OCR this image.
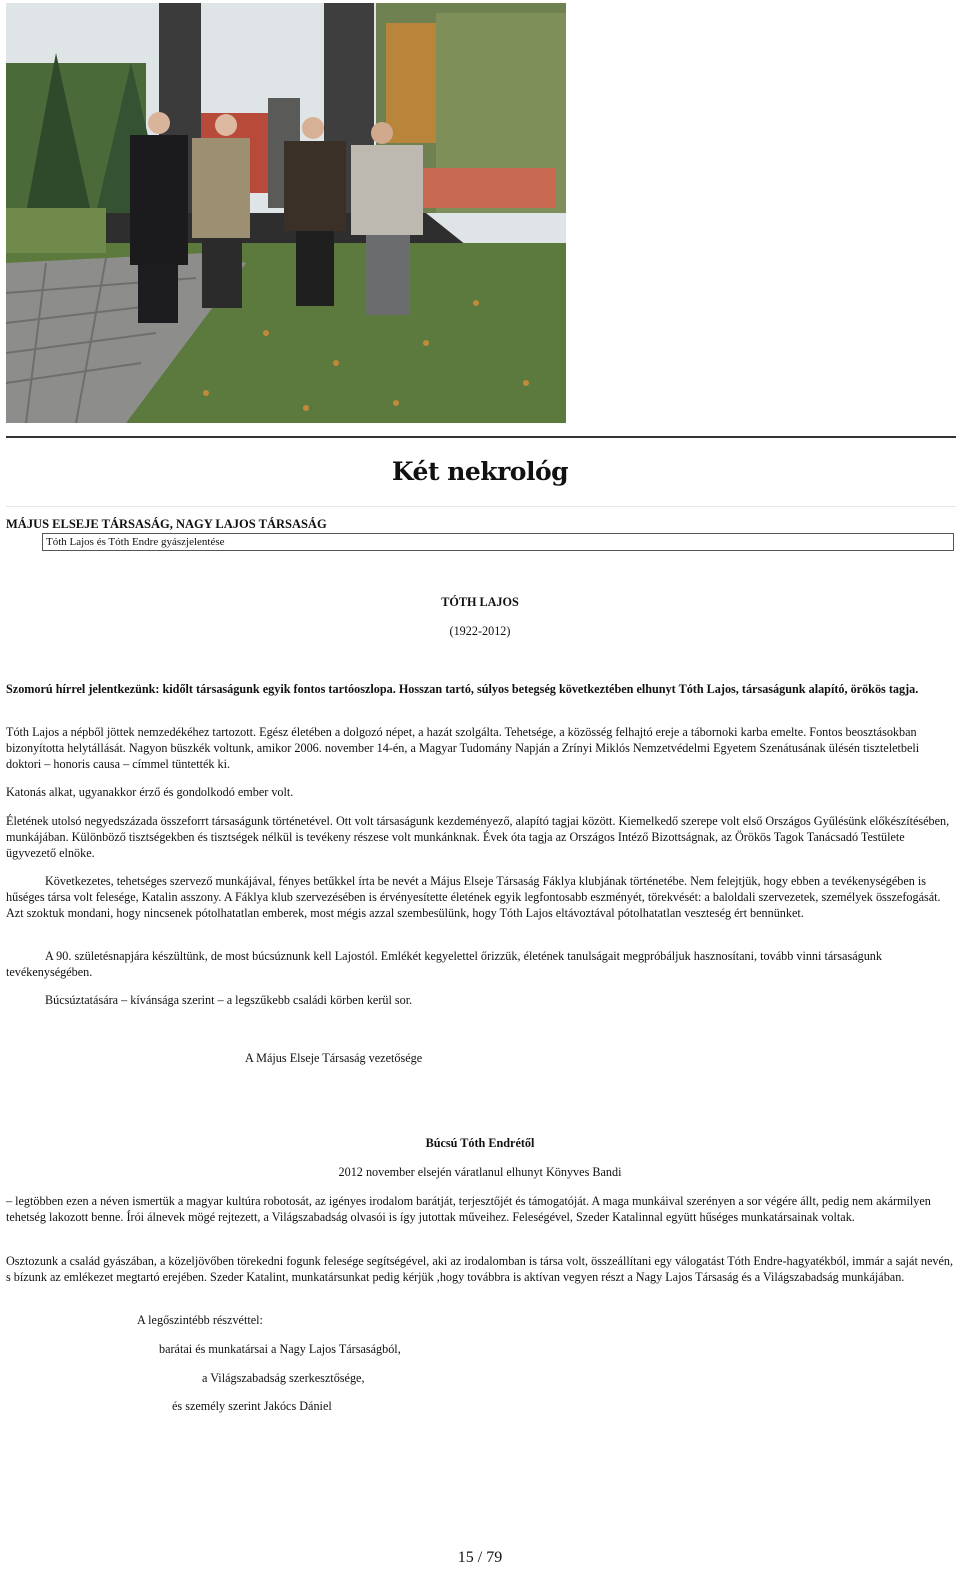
Két nekrológ
MÁJUS ELSEJE TÁRSASÁG, NAGY LAJOS TÁRSASÁG
Tóth Lajos és Tóth Endre gyászjelentése
TÓTH LAJOS
(1922-2012)

Szomorú hírrel jelentkezünk: kidőlt társaságunk egyik fontos tartóoszlopa. Hosszan tartó, súlyos betegség következtében elhunyt Tóth Lajos, társaságunk alapító, örökös tagja.

Tóth Lajos a népből jöttek nemzedékéhez tartozott. Egész életében a dolgozó népet, a hazát szolgálta. Tehetsége, a közösség felhajtó ereje a tábornoki karba emelte. Fontos beosztásokban bizonyította helytállását. Nagyon büszkék voltunk, amikor 2006. november 14-én, a Magyar Tudomány Napján a Zrínyi Miklós Nemzetvédelmi Egyetem Szenátusának ülésén tiszteletbeli doktori – honoris causa – címmel tüntették ki.

Katonás alkat, ugyanakkor érző és gondolkodó ember volt.

Életének utolsó negyedszázada összeforrt társaságunk történetével. Ott volt társaságunk kezdeményező, alapító tagjai között. Kiemelkedő szerepe volt első Országos Gyűlésünk előkészítésében, munkájában. Különböző tisztségekben és tisztségek nélkül is tevékeny részese volt munkánknak. Évek óta tagja az Országos Intéző Bizottságnak, az Örökös Tagok Tanácsadó Testülete ügyvezető elnöke.

Következetes, tehetséges szervező munkájával, fényes betűkkel írta be nevét a Május Elseje Társaság Fáklya klubjának történetébe. Nem felejtjük, hogy ebben a tevékenységében is hűséges társa volt felesége, Katalin asszony. A Fáklya klub szervezésében is érvényesítette életének egyik legfontosabb eszményét, törekvését: a baloldali szervezetek, személyek összefogását. Azt szoktuk mondani, hogy nincsenek pótolhatatlan emberek, most mégis azzal szembesülünk, hogy Tóth Lajos eltávoztával pótolhatatlan veszteség ért bennünket.

A 90. születésnapjára készültünk, de most búcsúznunk kell Lajostól. Emlékét kegyelettel őrizzük, életének tanulságait megpróbáljuk hasznosítani, tovább vinni társaságunk tevékenységében.

Búcsúztatására – kívánsága szerint – a legszűkebb családi körben kerül sor.

A Május Elseje Társaság vezetősége

Búcsú Tóth Endrétől
2012 november elsején váratlanul elhunyt Könyves Bandi

– legtöbben ezen a néven ismertük a magyar kultúra robotosát, az igényes irodalom barátját, terjesztőjét és támogatóját. A maga munkáival szerényen a sor végére állt, pedig nem akármilyen tehetség lakozott benne. Írói álnevek mögé rejtezett, a Világszabadság olvasói is így jutottak műveihez. Feleségével, Szeder Katalinnal együtt hűséges munkatársainak voltak.

Osztozunk a család gyászában, a közeljövőben törekedni fogunk felesége segítségével, aki az irodalomban is társa volt, összeállítani egy válogatást Tóth Endre-hagyatékból, immár a saját nevén, s bízunk az emlékezet megtartó erejében. Szeder Katalint, munkatársunkat pedig kérjük ,hogy továbbra is aktívan vegyen részt a Nagy Lajos Társaság és a Világszabadság munkájában.

A legőszintébb részvéttel:

barátai és munkatársai a Nagy Lajos Társaságból,

a Világszabadság szerkesztősége,

és személy szerint Jakócs Dániel

15 / 79
